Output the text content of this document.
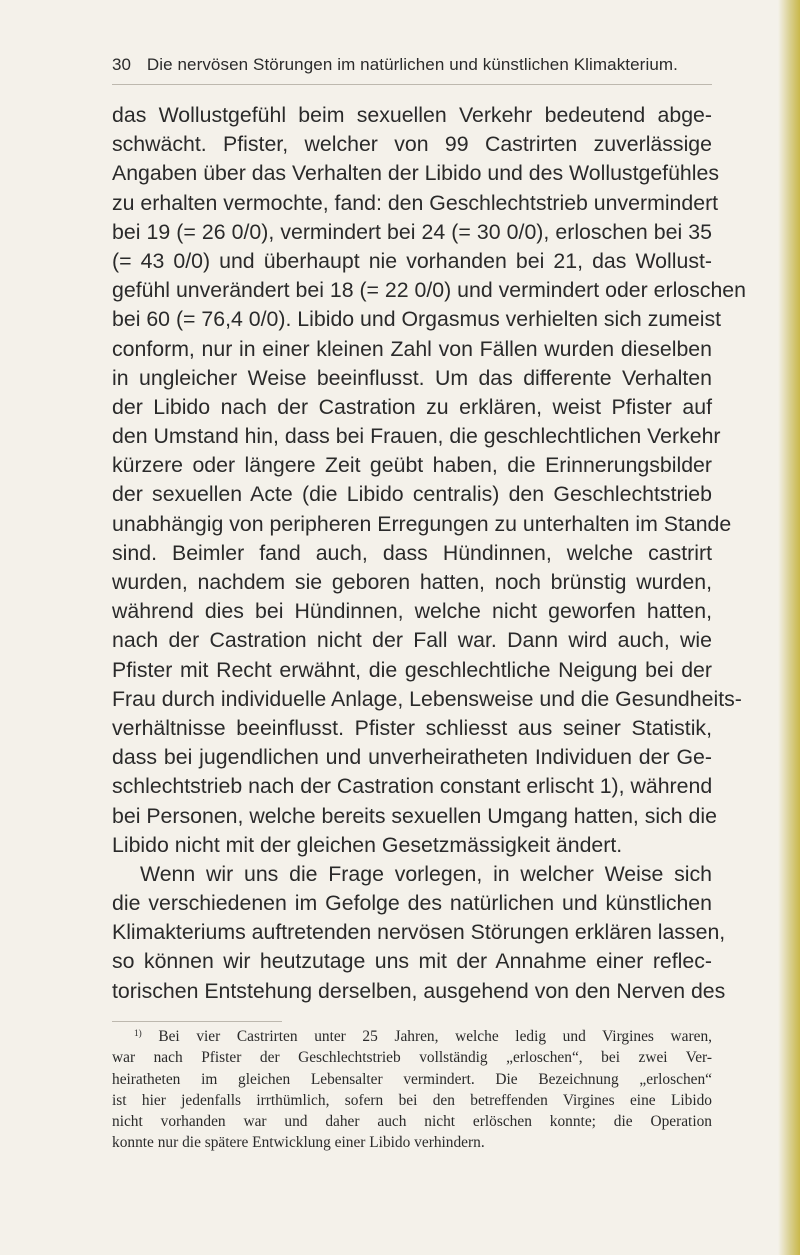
30 Die nervösen Störungen im natürlichen und künstlichen Klimakterium.
das Wollustgefühl beim sexuellen Verkehr bedeutend abge-
schwächt. Pfister, welcher von 99 Castrirten zuverlässige
Angaben über das Verhalten der Libido und des Wollustgefühles
zu erhalten vermochte, fand: den Geschlechtstrieb unvermindert
bei 19 (= 26 0/0), vermindert bei 24 (= 30 0/0), erloschen bei 35
(= 43 0/0) und überhaupt nie vorhanden bei 21, das Wollust-
gefühl unverändert bei 18 (= 22 0/0) und vermindert oder erloschen
bei 60 (= 76,4 0/0). Libido und Orgasmus verhielten sich zumeist
conform, nur in einer kleinen Zahl von Fällen wurden dieselben
in ungleicher Weise beeinflusst. Um das differente Verhalten
der Libido nach der Castration zu erklären, weist Pfister auf
den Umstand hin, dass bei Frauen, die geschlechtlichen Verkehr
kürzere oder längere Zeit geübt haben, die Erinnerungsbilder
der sexuellen Acte (die Libido centralis) den Geschlechtstrieb
unabhängig von peripheren Erregungen zu unterhalten im Stande
sind. Beimler fand auch, dass Hündinnen, welche castrirt
wurden, nachdem sie geboren hatten, noch brünstig wurden,
während dies bei Hündinnen, welche nicht geworfen hatten,
nach der Castration nicht der Fall war. Dann wird auch, wie
Pfister mit Recht erwähnt, die geschlechtliche Neigung bei der
Frau durch individuelle Anlage, Lebensweise und die Gesundheits-
verhältnisse beeinflusst. Pfister schliesst aus seiner Statistik,
dass bei jugendlichen und unverheiratheten Individuen der Ge-
schlechtstrieb nach der Castration constant erlischt 1), während
bei Personen, welche bereits sexuellen Umgang hatten, sich die
Libido nicht mit der gleichen Gesetzmässigkeit ändert.
Wenn wir uns die Frage vorlegen, in welcher Weise sich
die verschiedenen im Gefolge des natürlichen und künstlichen
Klimakteriums auftretenden nervösen Störungen erklären lassen,
so können wir heutzutage uns mit der Annahme einer reflec-
torischen Entstehung derselben, ausgehend von den Nerven des
$^{1)}$ Bei vier Castrirten unter 25 Jahren, welche ledig und Virgines waren,
war nach Pfister der Geschlechtstrieb vollständig „erloschen“, bei zwei Ver-
heiratheten im gleichen Lebensalter vermindert. Die Bezeichnung „erloschen“
ist hier jedenfalls irrthümlich, sofern bei den betreffenden Virgines eine Libido
nicht vorhanden war und daher auch nicht erlöschen konnte; die Operation
konnte nur die spätere Entwicklung einer Libido verhindern.
